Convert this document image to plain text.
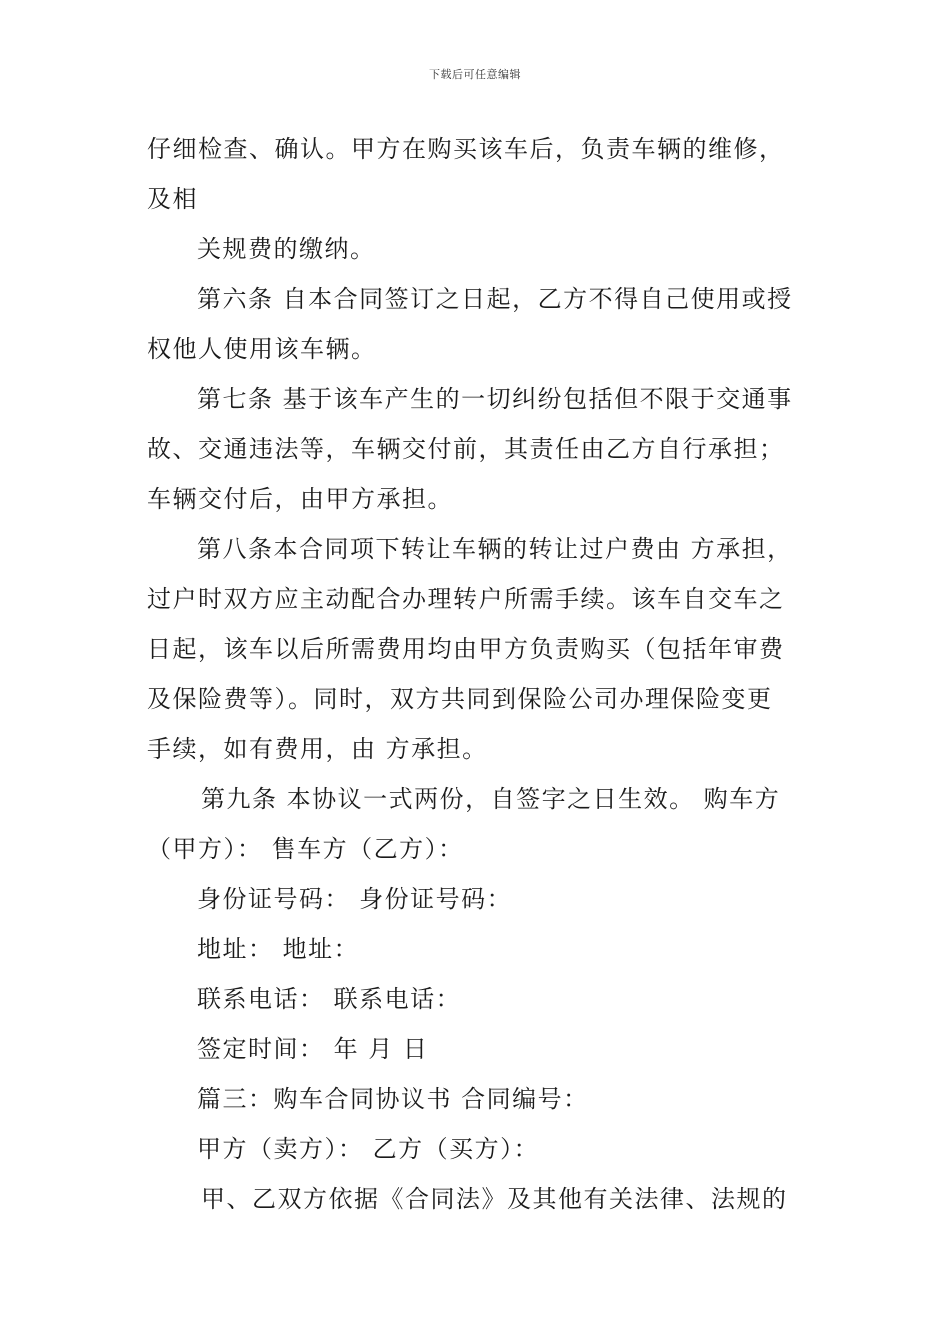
下载后可任意编辑
仔细检查、确认。甲方在购买该车后，负责车辆的维修，
及相
关规费的缴纳。
第六条 自本合同签订之日起，乙方不得自己使用或授
权他人使用该车辆。
第七条 基于该车产生的一切纠纷包括但不限于交通事
故、交通违法等，车辆交付前，其责任由乙方自行承担；
车辆交付后，由甲方承担。
第八条本合同项下转让车辆的转让过户费由 方承担，
过户时双方应主动配合办理转户所需手续。该车自交车之
日起，该车以后所需费用均由甲方负责购买（包括年审费
及保险费等）。同时，双方共同到保险公司办理保险变更
手续，如有费用，由 方承担。
第九条 本协议一式两份，自签字之日生效。 购车方
（甲方）： 售车方（乙方）：
身份证号码： 身份证号码：
地址： 地址：
联系电话： 联系电话：
签定时间： 年 月 日
篇三：购车合同协议书 合同编号：
甲方（卖方）： 乙方（买方）：
甲、乙双方依据《合同法》及其他有关法律、法规的
